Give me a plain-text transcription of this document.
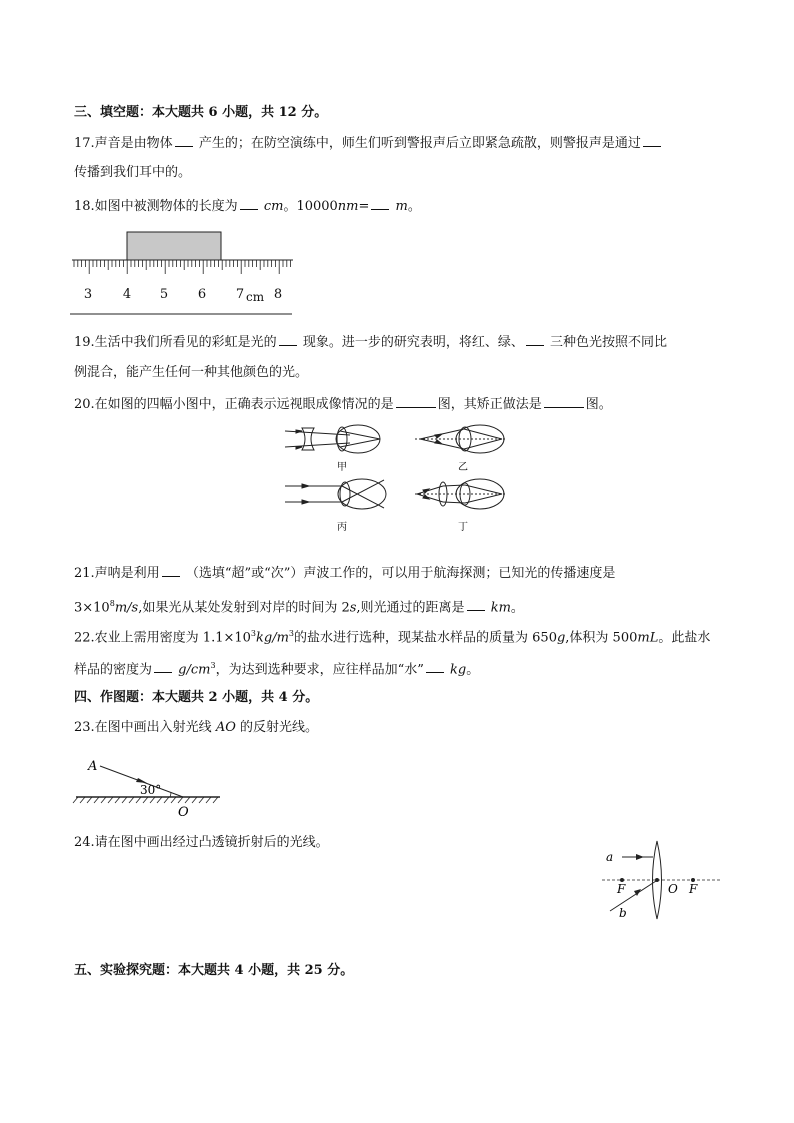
三、填空题：本大题共 6 小题，共 12 分。
17.声音是由物体 产生的；在防空演练中，师生们听到警报声后立即紧急疏散，则警报声是通过
传播到我们耳中的。
18.如图中被测物体的长度为 cm。10000nm= m。
3 4 5 6 7 cm 8
19.生活中我们所看见的彩虹是光的 现象。进一步的研究表明，将红、绿、 三种色光按照不同比
例混合，能产生任何一种其他颜色的光。
20.在如图的四幅小图中，正确表示远视眼成像情况的是	图，其矫正做法是	图。
甲	乙
丙	丁
21.声呐是利用 （选填“超”或“次”）声波工作的，可以用于航海探测；已知光的传播速度是
$3\times 10^8m/s$,如果光从某处发射到对岸的时间为 2s,则光通过的距离是 km。
22.农业上需用密度为 $1.1\times 10^3kg/m^3$的盐水进行选种，现某盐水样品的质量为 650g,体积为 500mL。此盐水
样品的密度为 $g/cm^3$，为达到选种要求，应往样品加“水” kg。
四、作图题：本大题共 2 小题，共 4 分。
23.在图中画出入射光线 AO 的反射光线。
A
30°
O
24.请在图中画出经过凸透镜折射后的光线。
a
b
F	O F
五、实验探究题：本大题共 4 小题，共 25 分。
